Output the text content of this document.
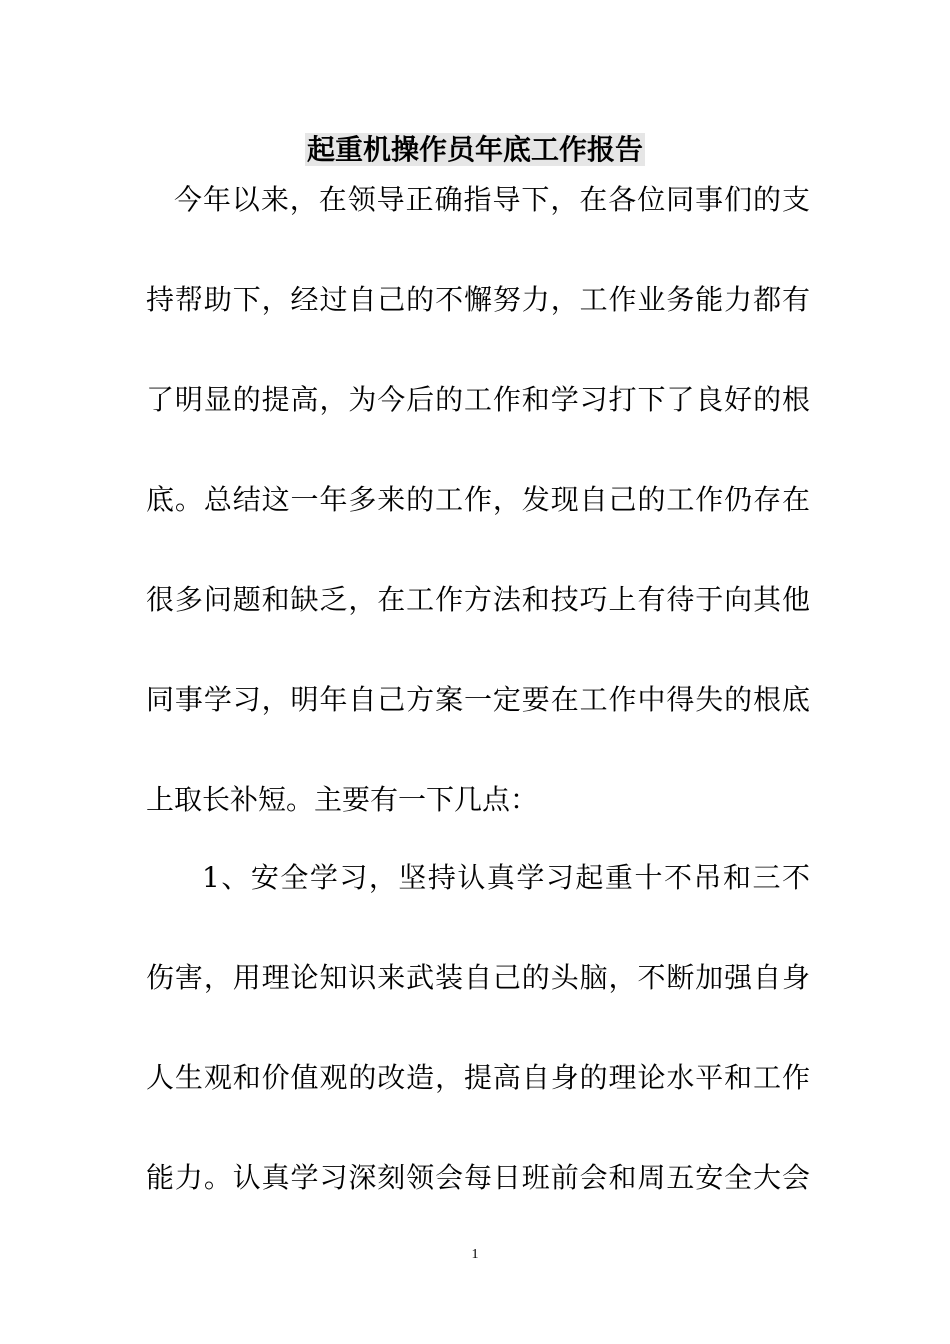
起重机操作员年底工作报告
今年以来，在领导正确指导下，在各位同事们的支
持帮助下，经过自己的不懈努力，工作业务能力都有
了明显的提高，为今后的工作和学习打下了良好的根
底。总结这一年多来的工作，发现自己的工作仍存在
很多问题和缺乏，在工作方法和技巧上有待于向其他
同事学习，明年自己方案一定要在工作中得失的根底
上取长补短。主要有一下几点：
1、安全学习，坚持认真学习起重十不吊和三不
伤害，用理论知识来武装自己的头脑，不断加强自身
人生观和价值观的改造，提高自身的理论水平和工作
能力。认真学习深刻领会每日班前会和周五安全大会
1
